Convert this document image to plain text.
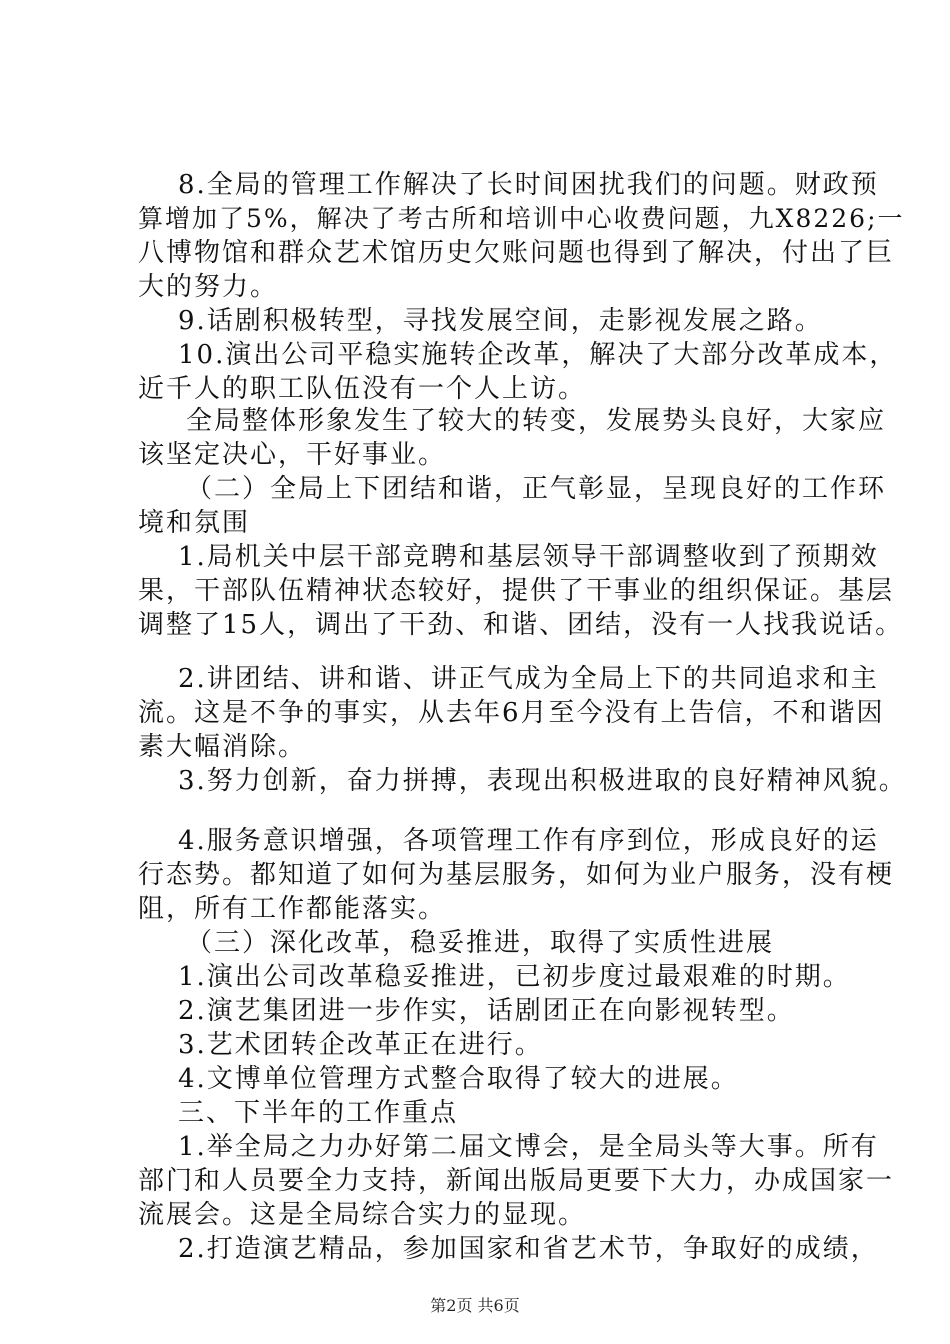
8.全局的管理工作解决了长时间困扰我们的问题。财政预
算增加了5%，解决了考古所和培训中心收费问题，九X8226;一
八博物馆和群众艺术馆历史欠账问题也得到了解决，付出了巨
大的努力。
9.话剧积极转型，寻找发展空间，走影视发展之路。
10.演出公司平稳实施转企改革，解决了大部分改革成本，
近千人的职工队伍没有一个人上访。
全局整体形象发生了较大的转变，发展势头良好，大家应
该坚定决心，干好事业。
（二）全局上下团结和谐，正气彰显，呈现良好的工作环
境和氛围
1.局机关中层干部竞聘和基层领导干部调整收到了预期效
果，干部队伍精神状态较好，提供了干事业的组织保证。基层
调整了15人，调出了干劲、和谐、团结，没有一人找我说话。
2.讲团结、讲和谐、讲正气成为全局上下的共同追求和主
流。这是不争的事实，从去年6月至今没有上告信，不和谐因
素大幅消除。
3.努力创新，奋力拼搏，表现出积极进取的良好精神风貌。
4.服务意识增强，各项管理工作有序到位，形成良好的运
行态势。都知道了如何为基层服务，如何为业户服务，没有梗
阻，所有工作都能落实。
（三）深化改革，稳妥推进，取得了实质性进展
1.演出公司改革稳妥推进，已初步度过最艰难的时期。
2.演艺集团进一步作实，话剧团正在向影视转型。
3.艺术团转企改革正在进行。
4.文博单位管理方式整合取得了较大的进展。
三、下半年的工作重点
1.举全局之力办好第二届文博会，是全局头等大事。所有
部门和人员要全力支持，新闻出版局更要下大力，办成国家一
流展会。这是全局综合实力的显现。
2.打造演艺精品，参加国家和省艺术节，争取好的成绩，
第2页 共6页
